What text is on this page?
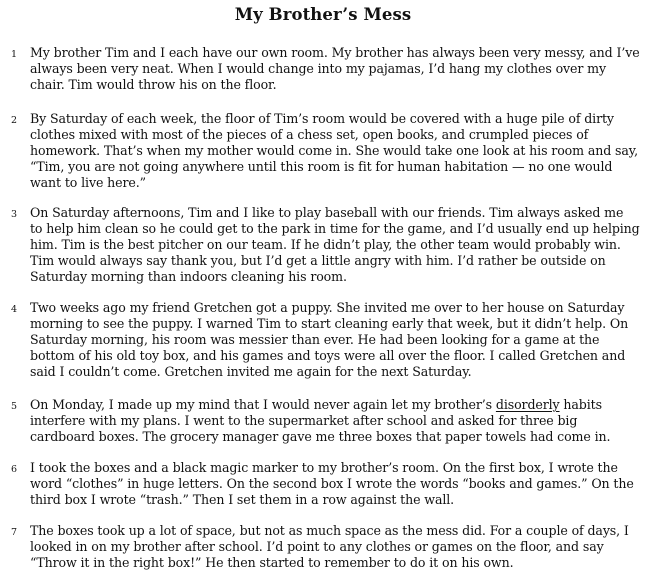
My Brother’s Mess
1 My brother Tim and I each have our own room. My brother has always been very messy, and I’ve
always been very neat. When I would change into my pajamas, I’d hang my clothes over my
chair. Tim would throw his on the floor.
2 By Saturday of each week, the floor of Tim’s room would be covered with a huge pile of dirty
clothes mixed with most of the pieces of a chess set, open books, and crumpled pieces of
homework. That’s when my mother would come in. She would take one look at his room and say,
“Tim, you are not going anywhere until this room is fit for human habitation — no one would
want to live here.”
3 On Saturday afternoons, Tim and I like to play baseball with our friends. Tim always asked me
to help him clean so he could get to the park in time for the game, and I’d usually end up helping
him. Tim is the best pitcher on our team. If he didn’t play, the other team would probably win.
Tim would always say thank you, but I’d get a little angry with him. I’d rather be outside on
Saturday morning than indoors cleaning his room.
4 Two weeks ago my friend Gretchen got a puppy. She invited me over to her house on Saturday
morning to see the puppy. I warned Tim to start cleaning early that week, but it didn’t help. On
Saturday morning, his room was messier than ever. He had been looking for a game at the
bottom of his old toy box, and his games and toys were all over the floor. I called Gretchen and
said I couldn’t come. Gretchen invited me again for the next Saturday.
5 On Monday, I made up my mind that I would never again let my brother’s disorderly habits
interfere with my plans. I went to the supermarket after school and asked for three big
cardboard boxes. The grocery manager gave me three boxes that paper towels had come in.
6 I took the boxes and a black magic marker to my brother’s room. On the first box, I wrote the
word “clothes” in huge letters. On the second box I wrote the words “books and games.” On the
third box I wrote “trash.” Then I set them in a row against the wall.
7 The boxes took up a lot of space, but not as much space as the mess did. For a couple of days, I
looked in on my brother after school. I’d point to any clothes or games on the floor, and say
“Throw it in the right box!” He then started to remember to do it on his own.
